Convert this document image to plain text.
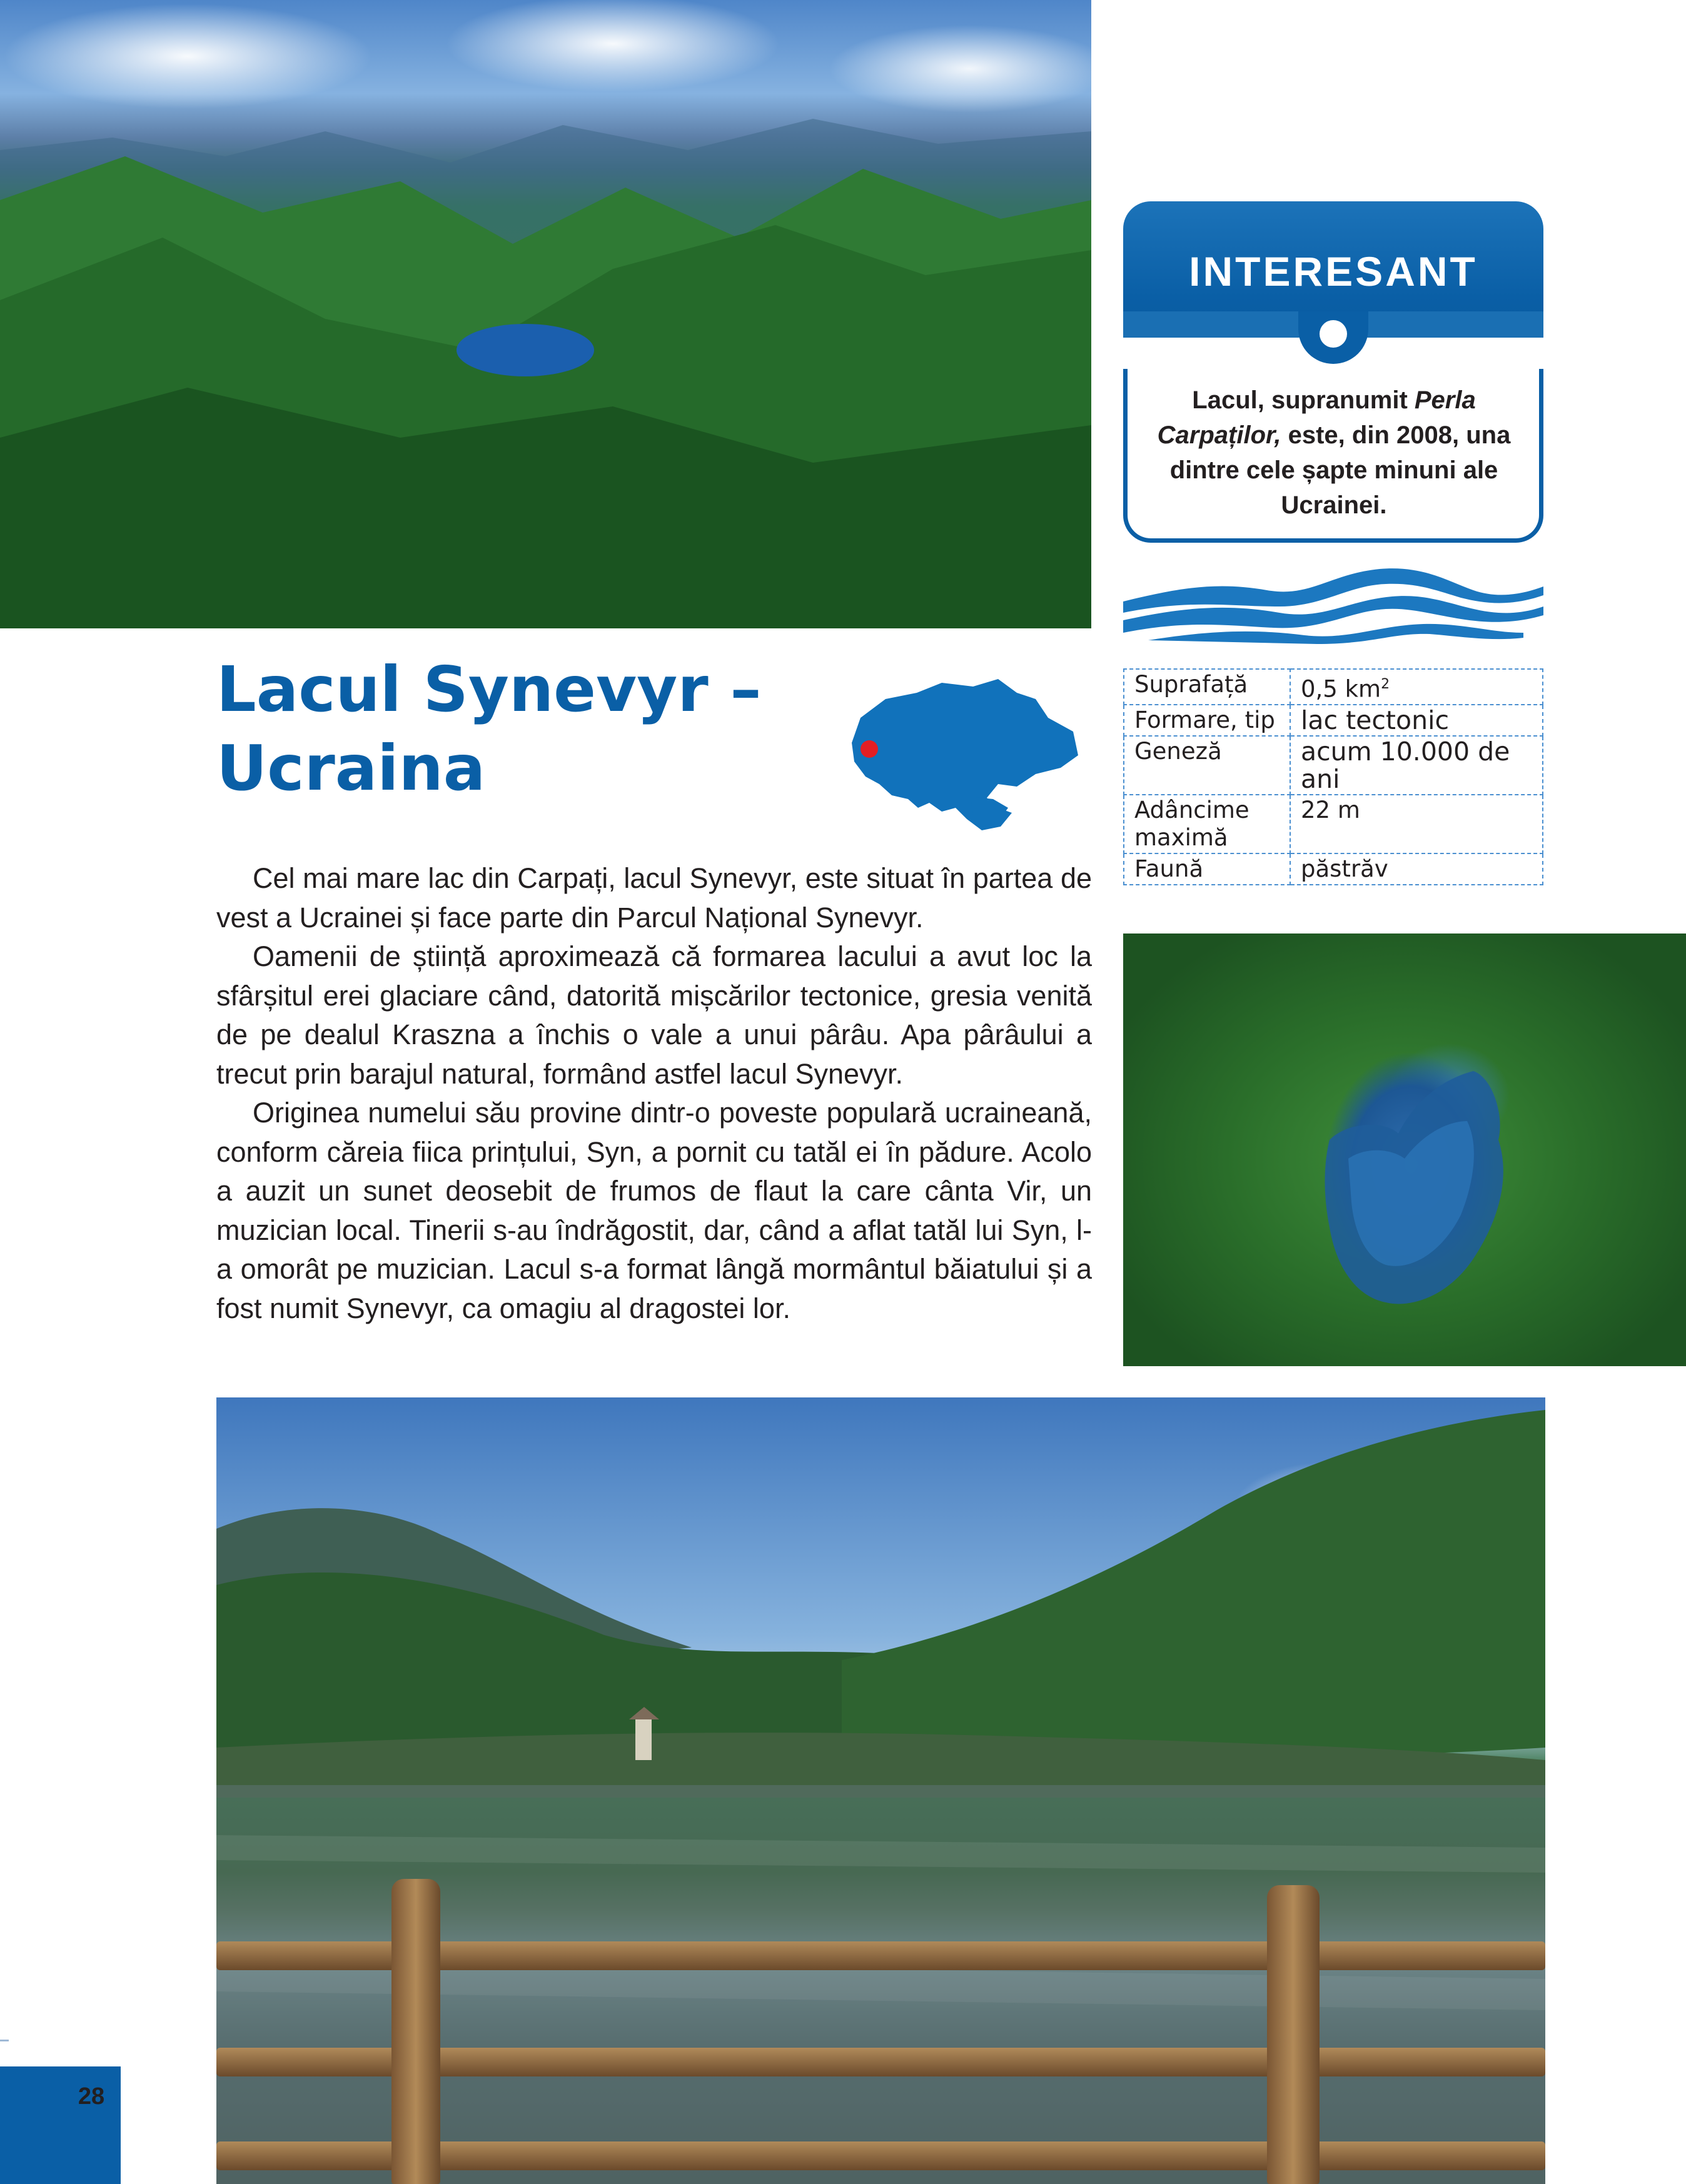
INTERESANT
Lacul, supranumit Perla Carpaților, este, din 2008, una dintre cele șapte minuni ale Ucrainei.
Lacul Synevyr –
Ucraina
Suprafață	0,5 $km^2$
Formare, tip	lac tectonic
Geneză	acum 10.000 de ani
Adâncime maximă	22 m
Faună	păstrăv

Cel mai mare lac din Carpați, lacul Synevyr, este situat în partea de vest a Ucrainei și face parte din Parcul Național Synevyr.

Oamenii de știință aproximează că formarea lacului a avut loc la sfârșitul erei glaciare când, datorită mișcărilor tectonice, gresia venită de pe dealul Kraszna a închis o vale a unui pârâu. Apa pârâului a trecut prin barajul natural, formând astfel lacul Synevyr.

Originea numelui său provine dintr-o poveste populară ucraineană, conform căreia fiica prințului, Syn, a pornit cu tatăl ei în pădure. Acolo a auzit un sunet deosebit de frumos de flaut la care cânta Vir, un muzician local. Tinerii s-au îndrăgostit, dar, când a aflat tatăl lui Syn, l-a omorât pe muzician. Lacul s-a format lângă mormântul băiatului și a fost numit Synevyr, ca omagiu al dragostei lor.

28
